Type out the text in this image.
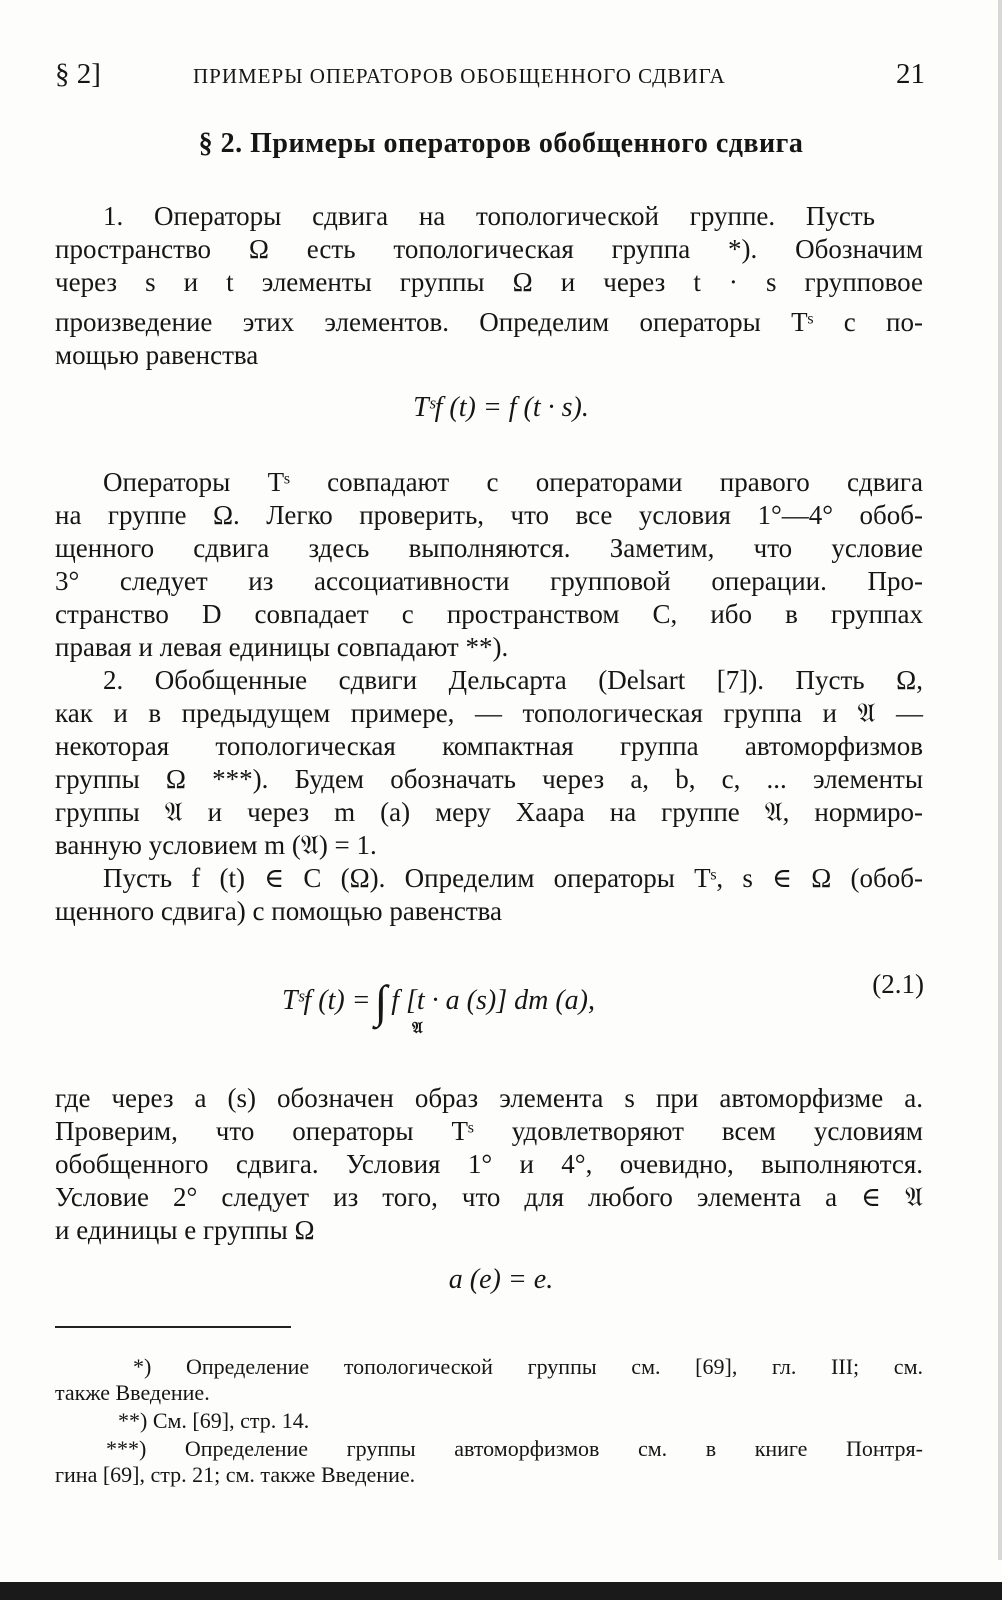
§ 2]	ПРИМЕРЫ ОПЕРАТОРОВ ОБОБЩЕННОГО СДВИГА	21
§ 2. Примеры операторов обобщенного сдвига
1. Операторы сдвига на топологической группе. Пусть
пространство Ω есть топологическая группа *). Обозначим
через s и t элементы группы Ω и через t · s групповое
произведение этих элементов. Определим операторы Tˢ с по-
мощью равенства
Tˢf (t) = f (t · s).
Операторы Tˢ совпадают с операторами правого сдвига
на группе Ω. Легко проверить, что все условия 1°—4° обоб-
щенного сдвига здесь выполняются. Заметим, что условие
3° следует из ассоциативности групповой операции. Про-
странство D совпадает с пространством C, ибо в группах
правая и левая единицы совпадают **).
2. Обобщенные сдвиги Дельсарта (Delsart [7]). Пусть Ω,
как и в предыдущем примере, — топологическая группа и 𝔄 —
некоторая топологическая компактная группа автоморфизмов
группы Ω ***). Будем обозначать через a, b, c, ... элементы
группы 𝔄 и через m (a) меру Хаара на группе 𝔄, нормиро-
ванную условием m (𝔄) = 1.
Пусть f (t) ∈ C (Ω). Определим операторы Tˢ, s ∈ Ω (обоб-
щенного сдвига) с помощью равенства
Tˢf (t) =∫ f [t · a (s)] dm (a),
𝔄
(2.1)
где через a (s) обозначен образ элемента s при автоморфизме a.
Проверим, что операторы Tˢ удовлетворяют всем условиям
обобщенного сдвига. Условия 1° и 4°, очевидно, выполняются.
Условие 2° следует из того, что для любого элемента a ∈ 𝔄
и единицы e группы Ω
a (e) = e.
*) Определение топологической группы см. [69], гл. III; см.
также Введение.
**) См. [69], стр. 14.
***) Определение группы автоморфизмов см. в книге Понтря-
гина [69], стр. 21; см. также Введение.
